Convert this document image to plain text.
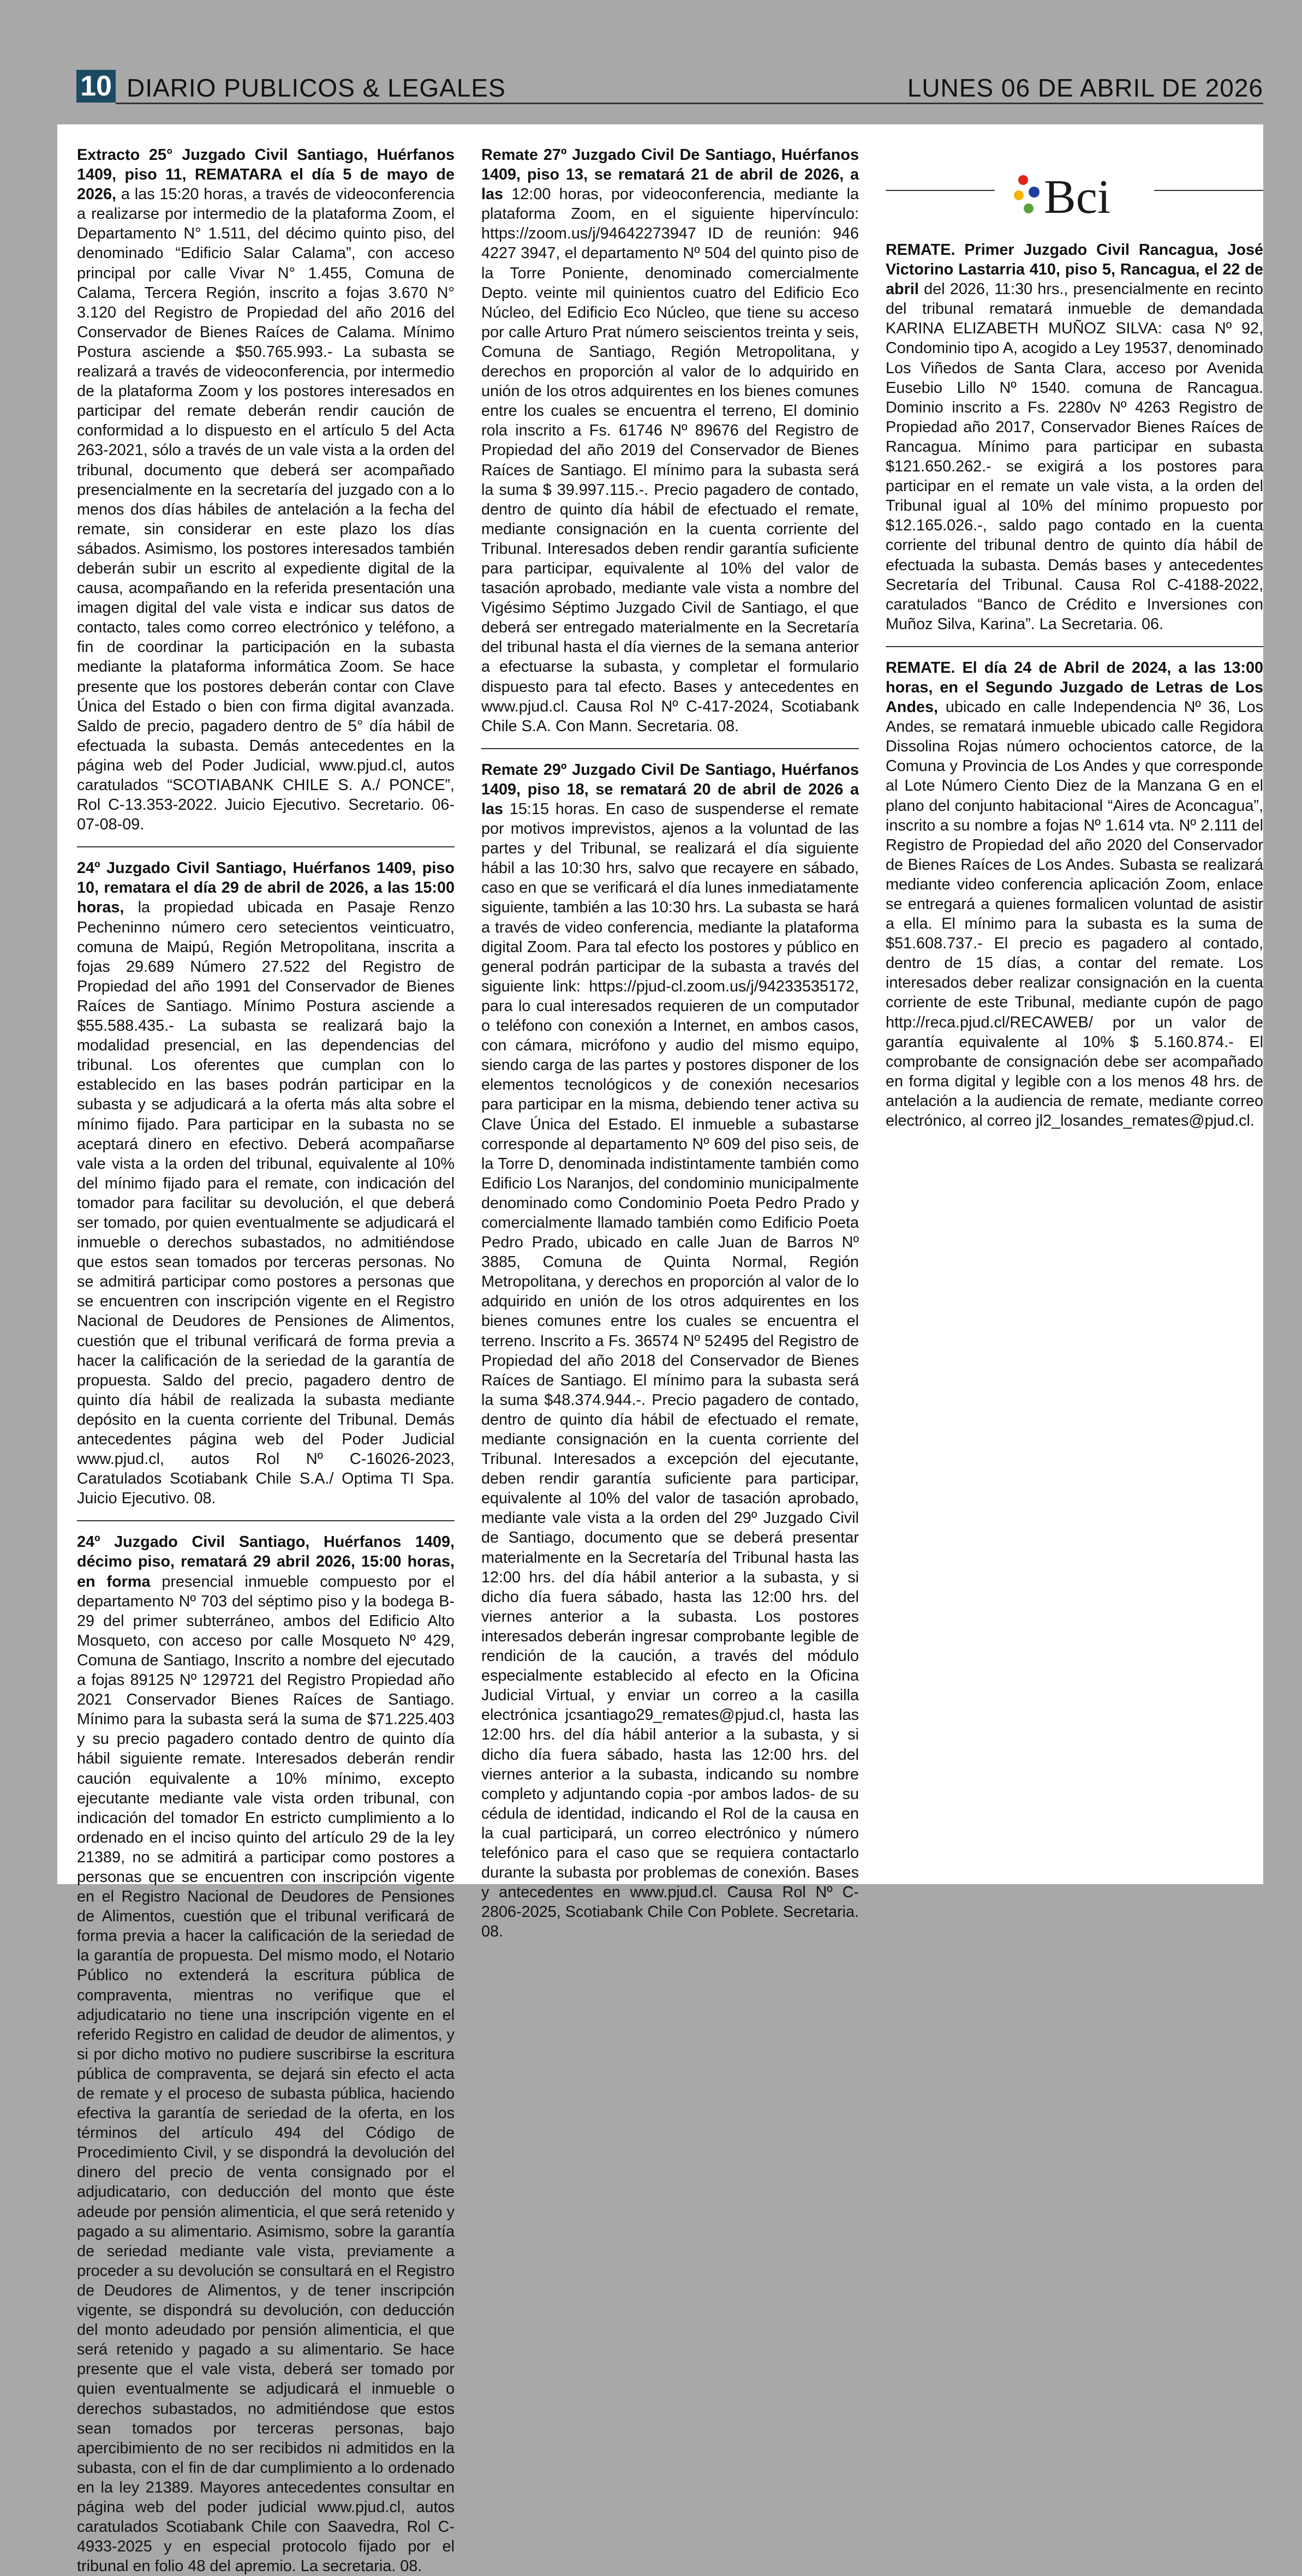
10 DIARIO PUBLICOS & LEGALES	LUNES 06 DE ABRIL DE 2026

Extracto 25° Juzgado Civil Santiago, Huérfanos 1409, piso 11, REMATARA el día 5 de mayo de 2026, a las 15:20 horas, a través de videoconferencia a realizarse por intermedio de la plataforma Zoom, el Departamento N° 1.511, del décimo quinto piso, del denominado “Edificio Salar Calama”, con acceso principal por calle Vivar N° 1.455, Comuna de Calama, Tercera Región, inscrito a fojas 3.670 N° 3.120 del Registro de Propiedad del año 2016 del Conservador de Bienes Raíces de Calama. Mínimo Postura asciende a $50.765.993.- La subasta se realizará a través de videoconferencia, por intermedio de la plataforma Zoom y los postores interesados en participar del remate deberán rendir caución de conformidad a lo dispuesto en el artículo 5 del Acta 263-2021, sólo a través de un vale vista a la orden del tribunal, documento que deberá ser acompañado presencialmente en la secretaría del juzgado con a lo menos dos días hábiles de antelación a la fecha del remate, sin considerar en este plazo los días sábados. Asimismo, los postores interesados también deberán subir un escrito al expediente digital de la causa, acompañando en la referida presentación una imagen digital del vale vista e indicar sus datos de contacto, tales como correo electrónico y teléfono, a fin de coordinar la participación en la subasta mediante la plataforma informática Zoom. Se hace presente que los postores deberán contar con Clave Única del Estado o bien con firma digital avanzada. Saldo de precio, pagadero dentro de 5° día hábil de efectuada la subasta. Demás antecedentes en la página web del Poder Judicial, www.pjud.cl, autos caratulados “SCOTIABANK CHILE S. A./ PONCE”, Rol C-13.353-2022. Juicio Ejecutivo. Secretario. 06-07-08-09.

24º Juzgado Civil Santiago, Huérfanos 1409, piso 10, rematara el día 29 de abril de 2026, a las 15:00 horas, la propiedad ubicada en Pasaje Renzo Pecheninno número cero setecientos veinticuatro, comuna de Maipú, Región Metropolitana, inscrita a fojas 29.689 Número 27.522 del Registro de Propiedad del año 1991 del Conservador de Bienes Raíces de Santiago. Mínimo Postura asciende a $55.588.435.- La subasta se realizará bajo la modalidad presencial, en las dependencias del tribunal. Los oferentes que cumplan con lo establecido en las bases podrán participar en la subasta y se adjudicará a la oferta más alta sobre el mínimo fijado. Para participar en la subasta no se aceptará dinero en efectivo. Deberá acompañarse vale vista a la orden del tribunal, equivalente al 10% del mínimo fijado para el remate, con indicación del tomador para facilitar su devolución, el que deberá ser tomado, por quien eventualmente se adjudicará el inmueble o derechos subastados, no admitiéndose que estos sean tomados por terceras personas. No se admitirá participar como postores a personas que se encuentren con inscripción vigente en el Registro Nacional de Deudores de Pensiones de Alimentos, cuestión que el tribunal verificará de forma previa a hacer la calificación de la seriedad de la garantía de propuesta. Saldo del precio, pagadero dentro de quinto día hábil de realizada la subasta mediante depósito en la cuenta corriente del Tribunal. Demás antecedentes página web del Poder Judicial www.pjud.cl, autos Rol Nº C-16026-2023, Caratulados Scotiabank Chile S.A./ Optima TI Spa. Juicio Ejecutivo. 08.

24º Juzgado Civil Santiago, Huérfanos 1409, décimo piso, rematará 29 abril 2026, 15:00 horas, en forma presencial inmueble compuesto por el departamento Nº 703 del séptimo piso y la bodega B-29 del primer subterráneo, ambos del Edificio Alto Mosqueto, con acceso por calle Mosqueto Nº 429, Comuna de Santiago, Inscrito a nombre del ejecutado a fojas 89125 Nº 129721 del Registro Propiedad año 2021 Conservador Bienes Raíces de Santiago. Mínimo para la subasta será la suma de $71.225.403 y su precio pagadero contado dentro de quinto día hábil siguiente remate. Interesados deberán rendir caución equivalente a 10% mínimo, excepto ejecutante mediante vale vista orden tribunal, con indicación del tomador En estricto cumplimiento a lo ordenado en el inciso quinto del artículo 29 de la ley 21389, no se admitirá a participar como postores a personas que se encuentren con inscripción vigente en el Registro Nacional de Deudores de Pensiones de Alimentos, cuestión que el tribunal verificará de forma previa a hacer la calificación de la seriedad de la garantía de propuesta. Del mismo modo, el Notario Público no extenderá la escritura pública de compraventa, mientras no verifique que el adjudicatario no tiene una inscripción vigente en el referido Registro en calidad de deudor de alimentos, y si por dicho motivo no pudiere suscribirse la escritura pública de compraventa, se dejará sin efecto el acta de remate y el proceso de subasta pública, haciendo efectiva la garantía de seriedad de la oferta, en los términos del artículo 494 del Código de Procedimiento Civil, y se dispondrá la devolución del dinero del precio de venta consignado por el adjudicatario, con deducción del monto que éste adeude por pensión alimenticia, el que será retenido y pagado a su alimentario. Asimismo, sobre la garantía de seriedad mediante vale vista, previamente a proceder a su devolución se consultará en el Registro de Deudores de Alimentos, y de tener inscripción vigente, se dispondrá su devolución, con deducción del monto adeudado por pensión alimenticia, el que será retenido y pagado a su alimentario. Se hace presente que el vale vista, deberá ser tomado por quien eventualmente se adjudicará el inmueble o derechos subastados, no admitiéndose que estos sean tomados por terceras personas, bajo apercibimiento de no ser recibidos ni admitidos en la subasta, con el fin de dar cumplimiento a lo ordenado en la ley 21389. Mayores antecedentes consultar en página web del poder judicial www.pjud.cl, autos caratulados Scotiabank Chile con Saavedra, Rol C-4933-2025 y en especial protocolo fijado por el tribunal en folio 48 del apremio. La secretaria. 08.

Remate 27º Juzgado Civil De Santiago, Huérfanos 1409, piso 13, se rematará 21 de abril de 2026, a las 12:00 horas, por videoconferencia, mediante la plataforma Zoom, en el siguiente hipervínculo: https://zoom.us/j/94642273947 ID de reunión: 946 4227 3947, el departamento Nº 504 del quinto piso de la Torre Poniente, denominado comercialmente Depto. veinte mil quinientos cuatro del Edificio Eco Núcleo, del Edificio Eco Núcleo, que tiene su acceso por calle Arturo Prat número seiscientos treinta y seis, Comuna de Santiago, Región Metropolitana, y derechos en proporción al valor de lo adquirido en unión de los otros adquirentes en los bienes comunes entre los cuales se encuentra el terreno, El dominio rola inscrito a Fs. 61746 Nº 89676 del Registro de Propiedad del año 2019 del Conservador de Bienes Raíces de Santiago. El mínimo para la subasta será la suma $ 39.997.115.-. Precio pagadero de contado, dentro de quinto día hábil de efectuado el remate, mediante consignación en la cuenta corriente del Tribunal. Interesados deben rendir garantía suficiente para participar, equivalente al 10% del valor de tasación aprobado, mediante vale vista a nombre del Vigésimo Séptimo Juzgado Civil de Santiago, el que deberá ser entregado materialmente en la Secretaría del tribunal hasta el día viernes de la semana anterior a efectuarse la subasta, y completar el formulario dispuesto para tal efecto. Bases y antecedentes en www.pjud.cl. Causa Rol Nº C-417-2024, Scotiabank Chile S.A. Con Mann. Secretaria. 08.

Remate 29º Juzgado Civil De Santiago, Huérfanos 1409, piso 18, se rematará 20 de abril de 2026 a las 15:15 horas. En caso de suspenderse el remate por motivos imprevistos, ajenos a la voluntad de las partes y del Tribunal, se realizará el día siguiente hábil a las 10:30 hrs, salvo que recayere en sábado, caso en que se verificará el día lunes inmediatamente siguiente, también a las 10:30 hrs. La subasta se hará a través de video conferencia, mediante la plataforma digital Zoom. Para tal efecto los postores y público en general podrán participar de la subasta a través del siguiente link: https://pjud-cl.zoom.us/j/94233535172, para lo cual interesados requieren de un computador o teléfono con conexión a Internet, en ambos casos, con cámara, micrófono y audio del mismo equipo, siendo carga de las partes y postores disponer de los elementos tecnológicos y de conexión necesarios para participar en la misma, debiendo tener activa su Clave Única del Estado. El inmueble a subastarse corresponde al departamento Nº 609 del piso seis, de la Torre D, denominada indistintamente también como Edificio Los Naranjos, del condominio municipalmente denominado como Condominio Poeta Pedro Prado y comercialmente llamado también como Edificio Poeta Pedro Prado, ubicado en calle Juan de Barros Nº 3885, Comuna de Quinta Normal, Región Metropolitana, y derechos en proporción al valor de lo adquirido en unión de los otros adquirentes en los bienes comunes entre los cuales se encuentra el terreno. Inscrito a Fs. 36574 Nº 52495 del Registro de Propiedad del año 2018 del Conservador de Bienes Raíces de Santiago. El mínimo para la subasta será la suma $48.374.944.-. Precio pagadero de contado, dentro de quinto día hábil de efectuado el remate, mediante consignación en la cuenta corriente del Tribunal. Interesados a excepción del ejecutante, deben rendir garantía suficiente para participar, equivalente al 10% del valor de tasación aprobado, mediante vale vista a la orden del 29º Juzgado Civil de Santiago, documento que se deberá presentar materialmente en la Secretaría del Tribunal hasta las 12:00 hrs. del día hábil anterior a la subasta, y si dicho día fuera sábado, hasta las 12:00 hrs. del viernes anterior a la subasta. Los postores interesados deberán ingresar comprobante legible de rendición de la caución, a través del módulo especialmente establecido al efecto en la Oficina Judicial Virtual, y enviar un correo a la casilla electrónica jcsantiago29_remates@pjud.cl, hasta las 12:00 hrs. del día hábil anterior a la subasta, y si dicho día fuera sábado, hasta las 12:00 hrs. del viernes anterior a la subasta, indicando su nombre completo y adjuntando copia -por ambos lados- de su cédula de identidad, indicando el Rol de la causa en la cual participará, un correo electrónico y número telefónico para el caso que se requiera contactarlo durante la subasta por problemas de conexión. Bases y antecedentes en www.pjud.cl. Causa Rol Nº C-2806-2025, Scotiabank Chile Con Poblete. Secretaria. 08.

Bci

REMATE. Primer Juzgado Civil Rancagua, José Victorino Lastarria 410, piso 5, Rancagua, el 22 de abril del 2026, 11:30 hrs., presencialmente en recinto del tribunal rematará inmueble de demandada KARINA ELIZABETH MUÑOZ SILVA: casa Nº 92, Condominio tipo A, acogido a Ley 19537, denominado Los Viñedos de Santa Clara, acceso por Avenida Eusebio Lillo Nº 1540. comuna de Rancagua. Dominio inscrito a Fs. 2280v Nº 4263 Registro de Propiedad año 2017, Conservador Bienes Raíces de Rancagua. Mínimo para participar en subasta $121.650.262.- se exigirá a los postores para participar en el remate un vale vista, a la orden del Tribunal igual al 10% del mínimo propuesto por $12.165.026.-, saldo pago contado en la cuenta corriente del tribunal dentro de quinto día hábil de efectuada la subasta. Demás bases y antecedentes Secretaría del Tribunal. Causa Rol C-4188-2022, caratulados “Banco de Crédito e Inversiones con Muñoz Silva, Karina”. La Secretaria. 06.

REMATE. El día 24 de Abril de 2024, a las 13:00 horas, en el Segundo Juzgado de Letras de Los Andes, ubicado en calle Independencia Nº 36, Los Andes, se rematará inmueble ubicado calle Regidora Dissolina Rojas número ochocientos catorce, de la Comuna y Provincia de Los Andes y que corresponde al Lote Número Ciento Diez de la Manzana G en el plano del conjunto habitacional “Aires de Aconcagua”, inscrito a su nombre a fojas Nº 1.614 vta. Nº 2.111 del Registro de Propiedad del año 2020 del Conservador de Bienes Raíces de Los Andes. Subasta se realizará mediante video conferencia aplicación Zoom, enlace se entregará a quienes formalicen voluntad de asistir a ella. El mínimo para la subasta es la suma de $51.608.737.- El precio es pagadero al contado, dentro de 15 días, a contar del remate. Los interesados deber realizar consignación en la cuenta corriente de este Tribunal, mediante cupón de pago http://reca.pjud.cl/RECAWEB/ por un valor de garantía equivalente al 10% $ 5.160.874.- El comprobante de consignación debe ser acompañado en forma digital y legible con a los menos 48 hrs. de antelación a la audiencia de remate, mediante correo electrónico, al correo jl2_losandes_remates@pjud.cl.
